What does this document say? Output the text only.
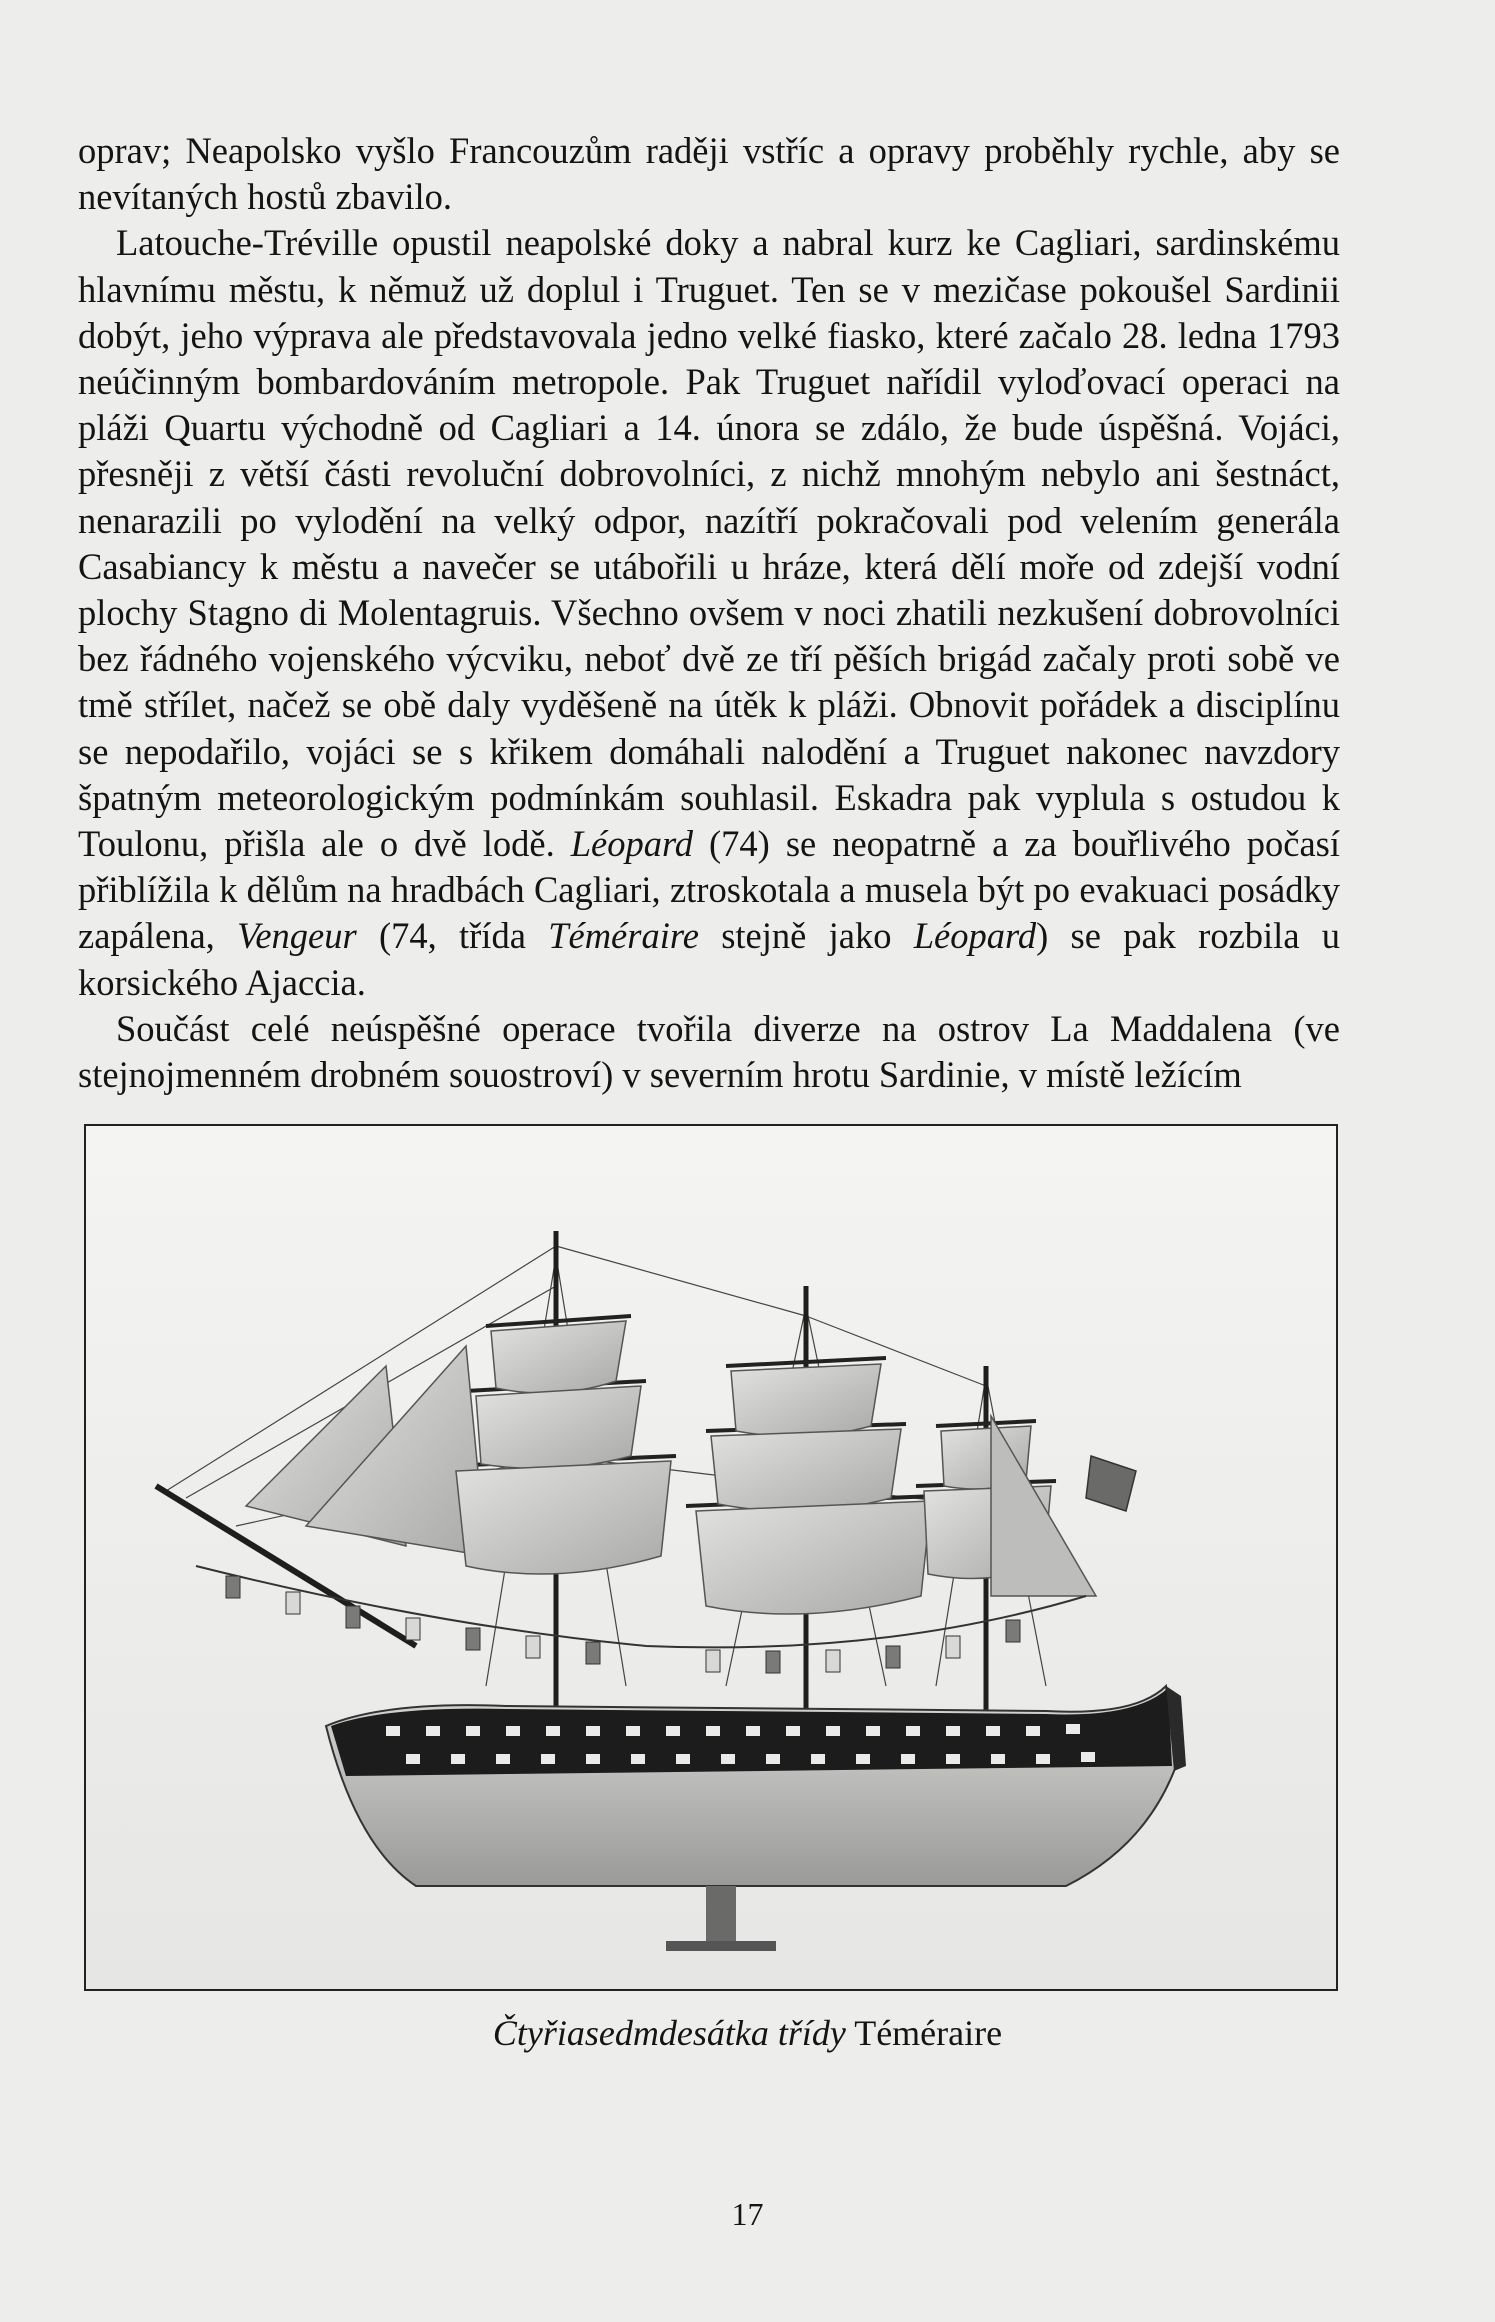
oprav; Neapolsko vyšlo Francouzům raději vstříc a opravy proběhly rychle, aby se nevítaných hostů zbavilo.

Latouche-Tréville opustil neapolské doky a nabral kurz ke Cagliari, sardinskému hlavnímu městu, k němuž už doplul i Truguet. Ten se v mezičase pokoušel Sardinii dobýt, jeho výprava ale představovala jedno velké fiasko, které začalo 28. ledna 1793 neúčinným bombardováním metropole. Pak Truguet nařídil vyloďovací operaci na pláži Quartu východně od Cagliari a 14. února se zdálo, že bude úspěšná. Vojáci, přesněji z větší části revoluční dobrovolníci, z nichž mnohým nebylo ani šestnáct, nenarazili po vylodění na velký odpor, nazítří pokračovali pod velením generála Casabiancy k městu a navečer se utábořili u hráze, která dělí moře od zdejší vodní plochy Stagno di Molentagruis. Všechno ovšem v noci zhatili nezkušení dobrovolníci bez řádného vojenského výcviku, neboť dvě ze tří pěších brigád začaly proti sobě ve tmě střílet, načež se obě daly vyděšeně na útěk k pláži. Obnovit pořádek a disciplínu se nepodařilo, vojáci se s křikem domáhali nalodění a Truguet nakonec navzdory špatným meteorologickým podmínkám souhlasil. Eskadra pak vyplula s ostudou k Toulonu, přišla ale o dvě lodě. Léopard (74) se neopatrně a za bouřlivého počasí přiblížila k dělům na hradbách Cagliari, ztroskotala a musela být po evakuaci posádky zapálena, Vengeur (74, třída Téméraire stejně jako Léopard) se pak rozbila u korsického Ajaccia.

Součást celé neúspěšné operace tvořila diverze na ostrov La Maddalena (ve stejnojmenném drobném souostroví) v severním hrotu Sardinie, v místě ležícím

Čtyřiasedmdesátka třídy Téméraire
17
